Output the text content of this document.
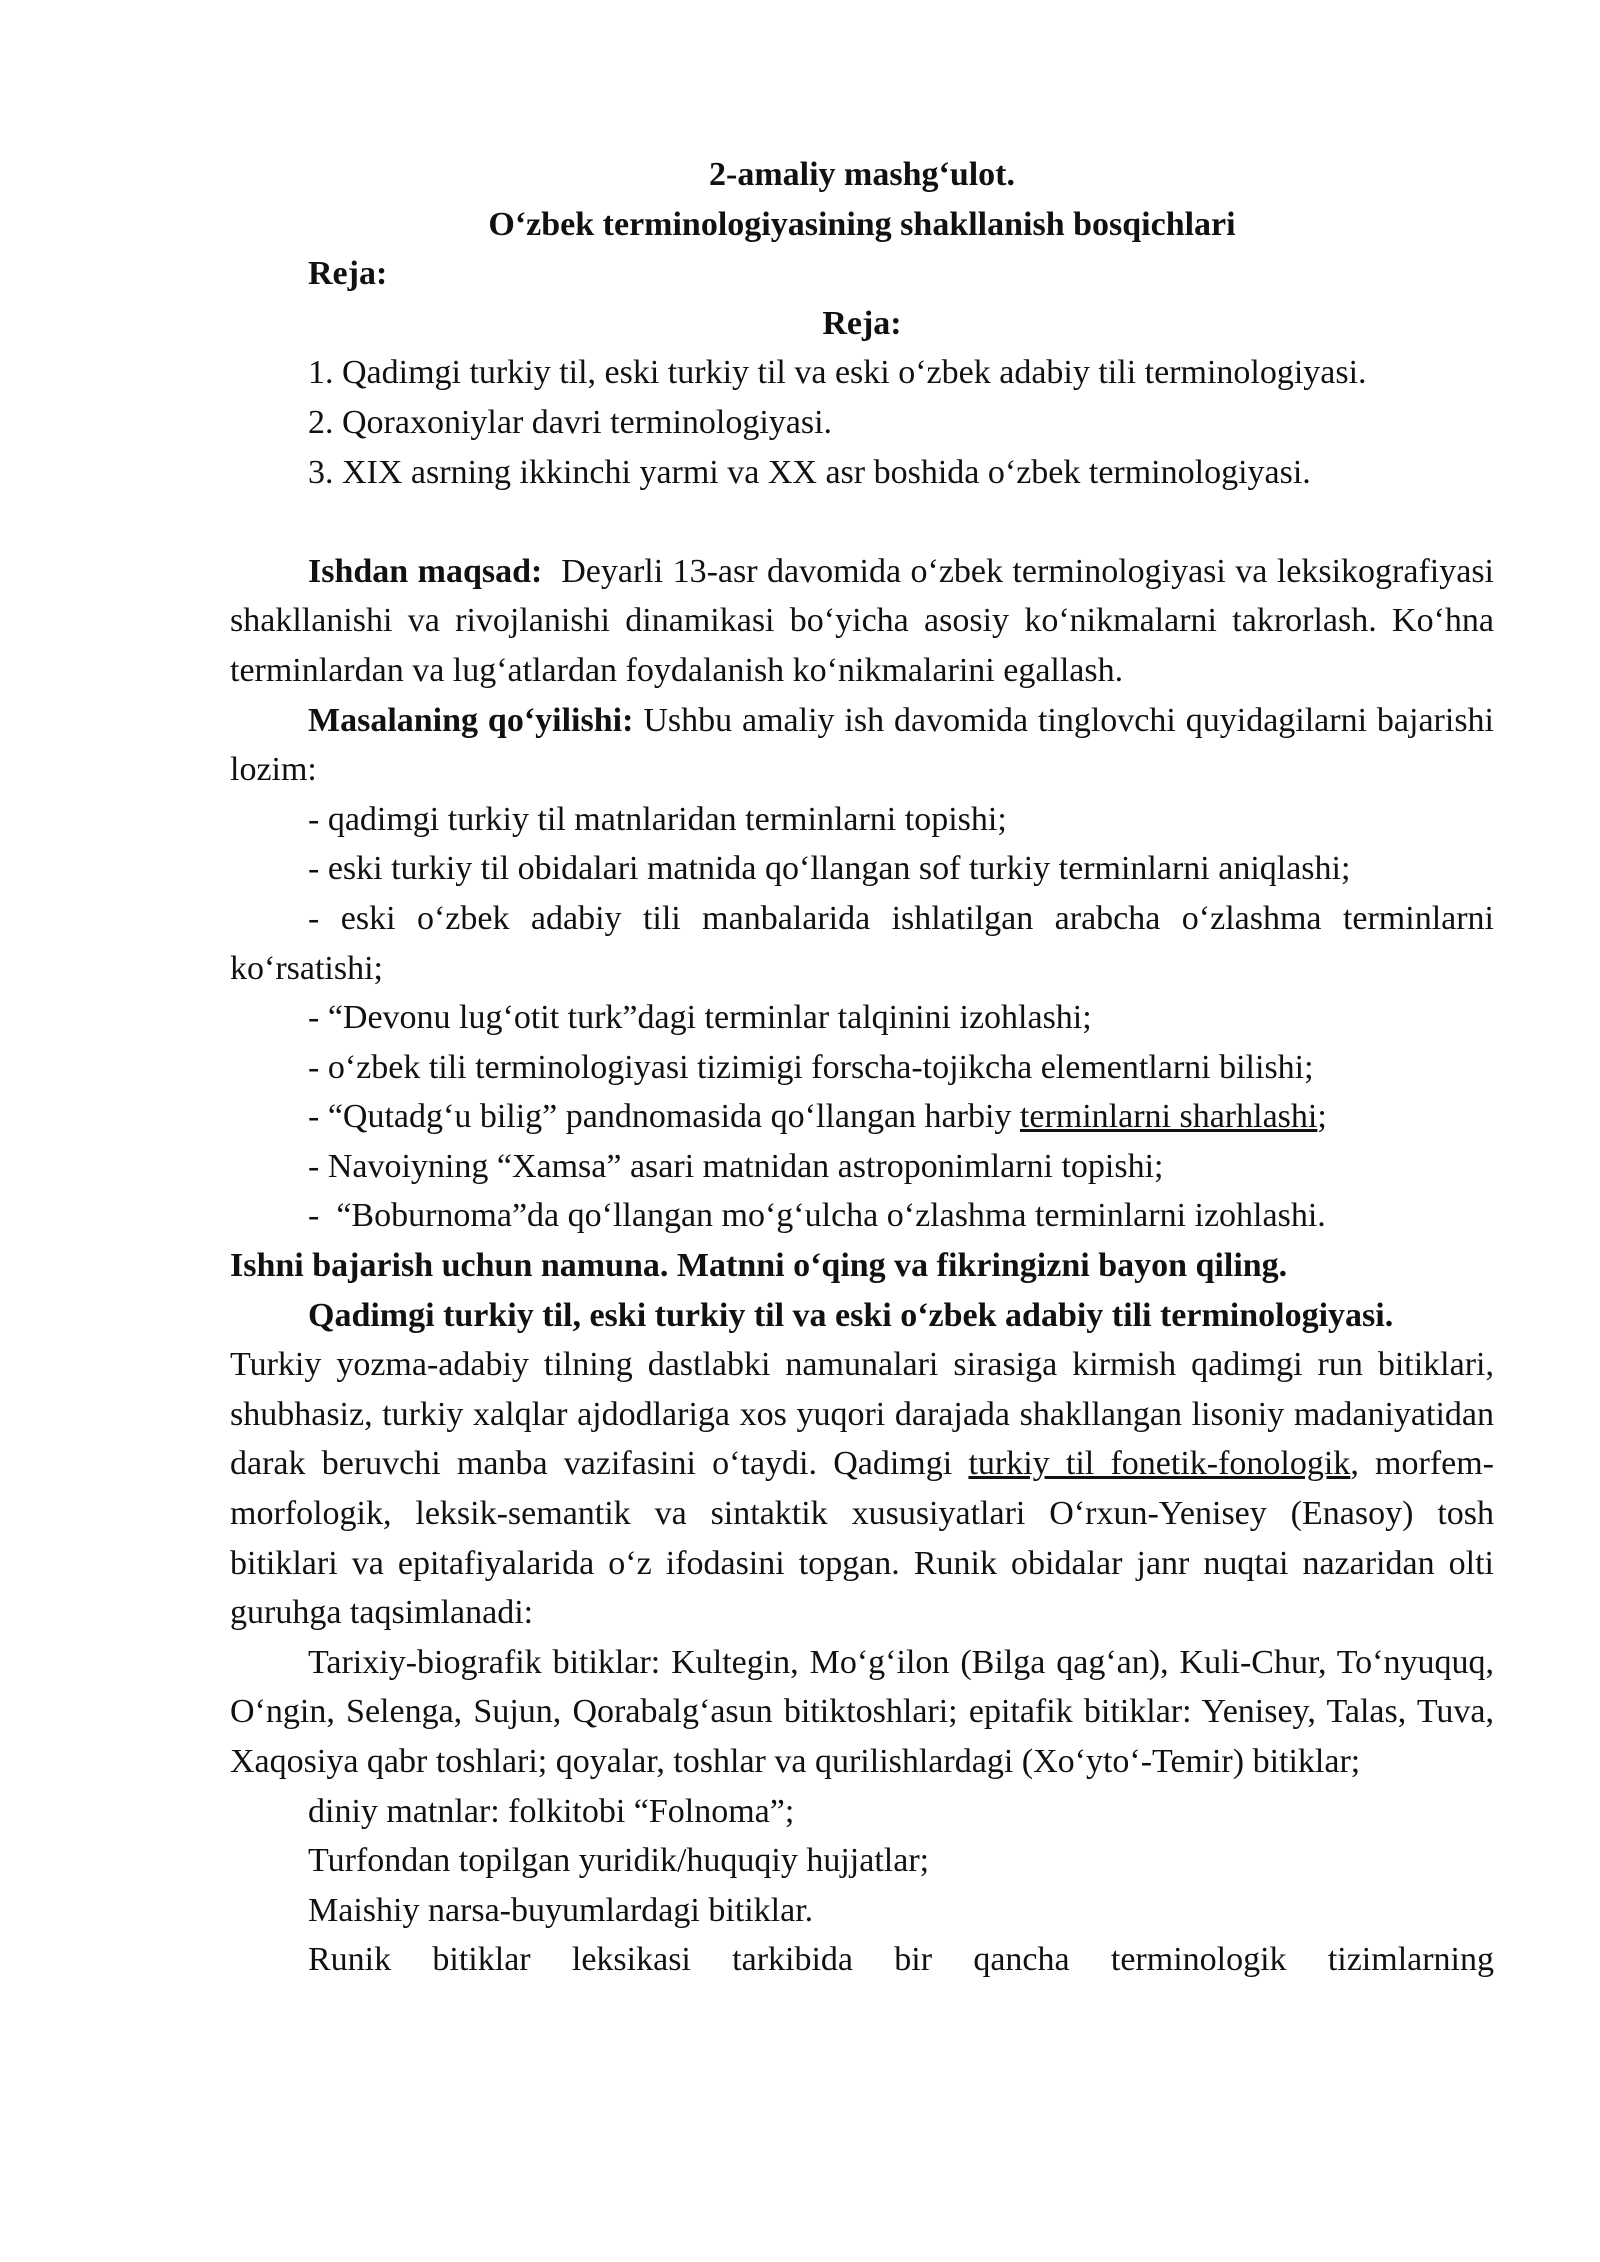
2-amaliy mashg‘ulot.

O‘zbek terminologiyasining shakllanish bosqichlari

Reja:

Reja:

1. Qadimgi turkiy til, eski turkiy til va eski o‘zbek adabiy tili terminologiyasi.

2. Qoraxoniylar davri terminologiyasi.

3. XIX asrning ikkinchi yarmi va XX asr boshida o‘zbek terminologiyasi.

Ishdan maqsad:  Deyarli 13-asr davomida o‘zbek terminologiyasi va leksikografiyasi shakllanishi va rivojlanishi dinamikasi bo‘yicha asosiy ko‘nikmalarni takrorlash. Ko‘hna terminlardan va lug‘atlardan foydalanish ko‘nikmalarini egallash.

Masalaning qo‘yilishi: Ushbu amaliy ish davomida tinglovchi quyidagilarni bajarishi lozim:

- qadimgi turkiy til matnlaridan terminlarni topishi;

- eski turkiy til obidalari matnida qo‘llangan sof turkiy terminlarni aniqlashi;

- eski o‘zbek adabiy tili manbalarida ishlatilgan arabcha o‘zlashma terminlarni ko‘rsatishi;

- “Devonu lug‘otit turk”dagi terminlar talqinini izohlashi;

- o‘zbek tili terminologiyasi tizimigi forscha-tojikcha elementlarni bilishi;

- “Qutadg‘u bilig” pandnomasida qo‘llangan harbiy terminlarni sharhlashi;

- Navoiyning “Xamsa” asari matnidan astroponimlarni topishi;

-  “Boburnoma”da qo‘llangan mo‘g‘ulcha o‘zlashma terminlarni izohlashi.

Ishni bajarish uchun namuna. Matnni o‘qing va fikringizni bayon qiling.

Qadimgi turkiy til, eski turkiy til va eski o‘zbek adabiy tili terminologiyasi.

Turkiy yozma-adabiy tilning dastlabki namunalari sirasiga kirmish qadimgi run bitiklari, shubhasiz, turkiy xalqlar ajdodlariga xos yuqori darajada shakllangan lisoniy madaniyatidan darak beruvchi manba vazifasini o‘taydi. Qadimgi turkiy til fonetik-fonologik, morfem-morfologik, leksik-semantik va sintaktik xususiyatlari O‘rxun-Yenisey (Enasoy) tosh bitiklari va epitafiyalarida o‘z ifodasini topgan. Runik obidalar janr nuqtai nazaridan olti guruhga taqsimlanadi:

Tarixiy-biografik bitiklar: Kultegin, Mo‘g‘ilon (Bilga qag‘an), Kuli-Chur, To‘nyuquq, O‘ngin, Selenga, Sujun, Qorabalg‘asun bitiktoshlari; epitafik bitiklar: Yenisey, Talas, Tuva, Xaqosiya qabr toshlari; qoyalar, toshlar va qurilishlardagi (Xo‘yto‘-Temir) bitiklar;

diniy matnlar: folkitobi “Folnoma”;

Turfondan topilgan yuridik/huquqiy hujjatlar;

Maishiy narsa-buyumlardagi bitiklar.

Runik bitiklar leksikasi tarkibida bir qancha terminologik tizimlarning
